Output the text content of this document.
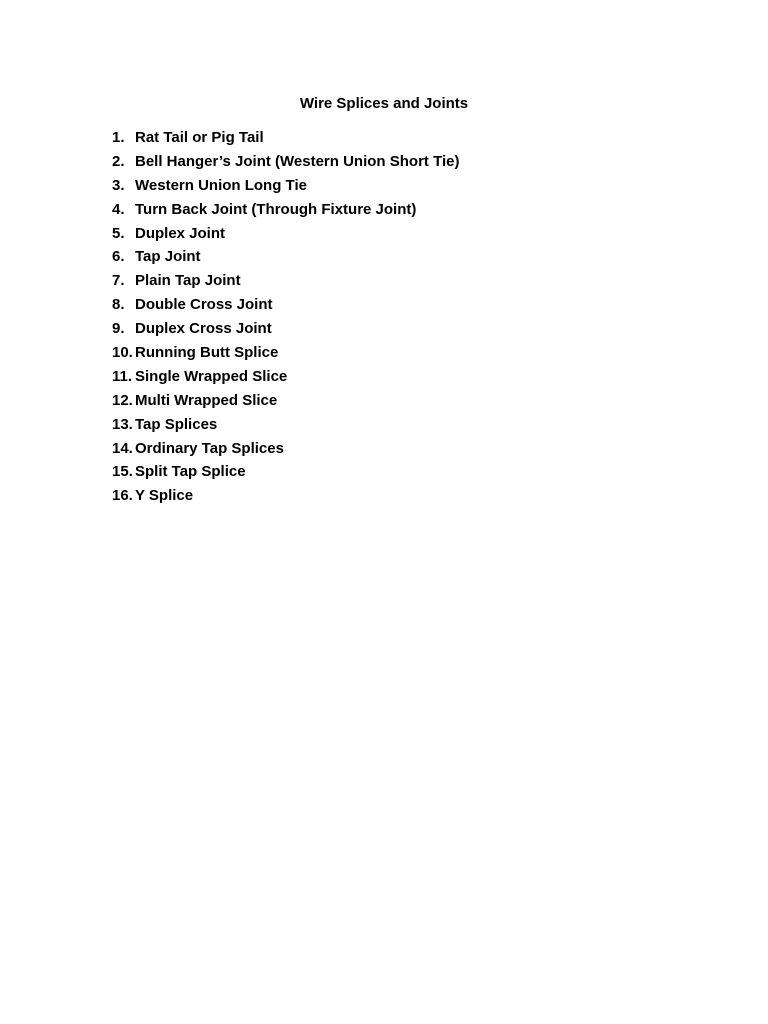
Wire Splices and Joints
1. Rat Tail or Pig Tail
2. Bell Hanger’s Joint (Western Union Short Tie)
3. Western Union Long Tie
4. Turn Back Joint (Through Fixture Joint)
5. Duplex Joint
6. Tap Joint
7. Plain Tap Joint
8. Double Cross Joint
9. Duplex Cross Joint
10. Running Butt Splice
11. Single Wrapped Slice
12. Multi Wrapped Slice
13. Tap Splices
14. Ordinary Tap Splices
15. Split Tap Splice
16. Y Splice
